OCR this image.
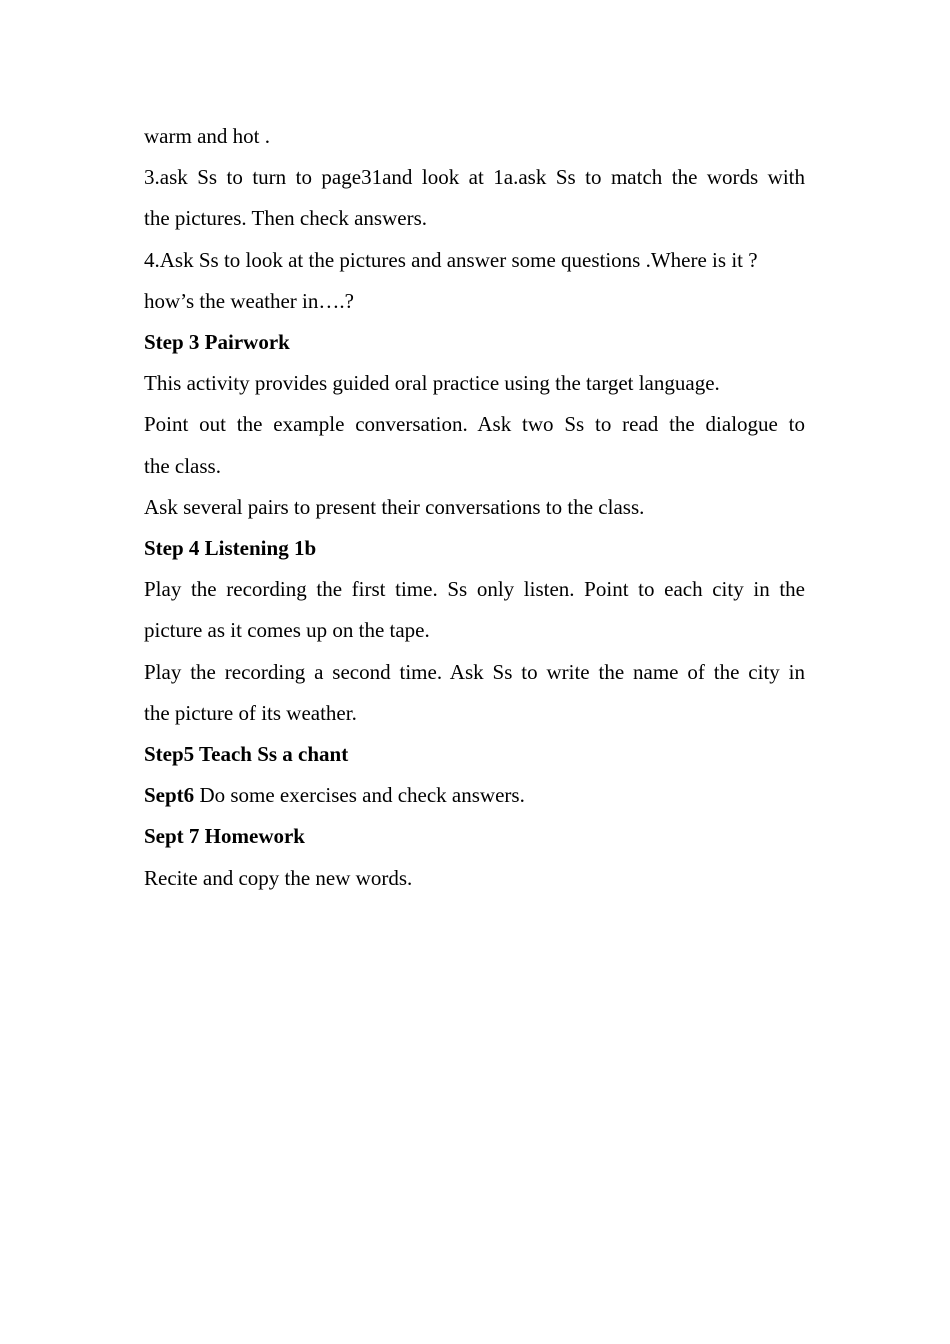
warm and hot .

3.ask Ss to turn to page31and look at 1a.ask Ss to match the words with

the pictures. Then check answers.

4.Ask Ss to look at the pictures and answer some questions .Where is it ?

how’s the weather in….?

Step 3 Pairwork

This activity provides guided oral practice using the target language.

Point out the example conversation. Ask two Ss to read the dialogue to

the class.

Ask several pairs to present their conversations to the class.

Step 4 Listening 1b

Play the recording the first time. Ss only listen. Point to each city in the

picture as it comes up on the tape.

Play the recording a second time. Ask Ss to write the name of the city in

the picture of its weather.

Step5 Teach Ss a chant

Sept6 Do some exercises and check answers.

Sept 7 Homework

Recite and copy the new words.
